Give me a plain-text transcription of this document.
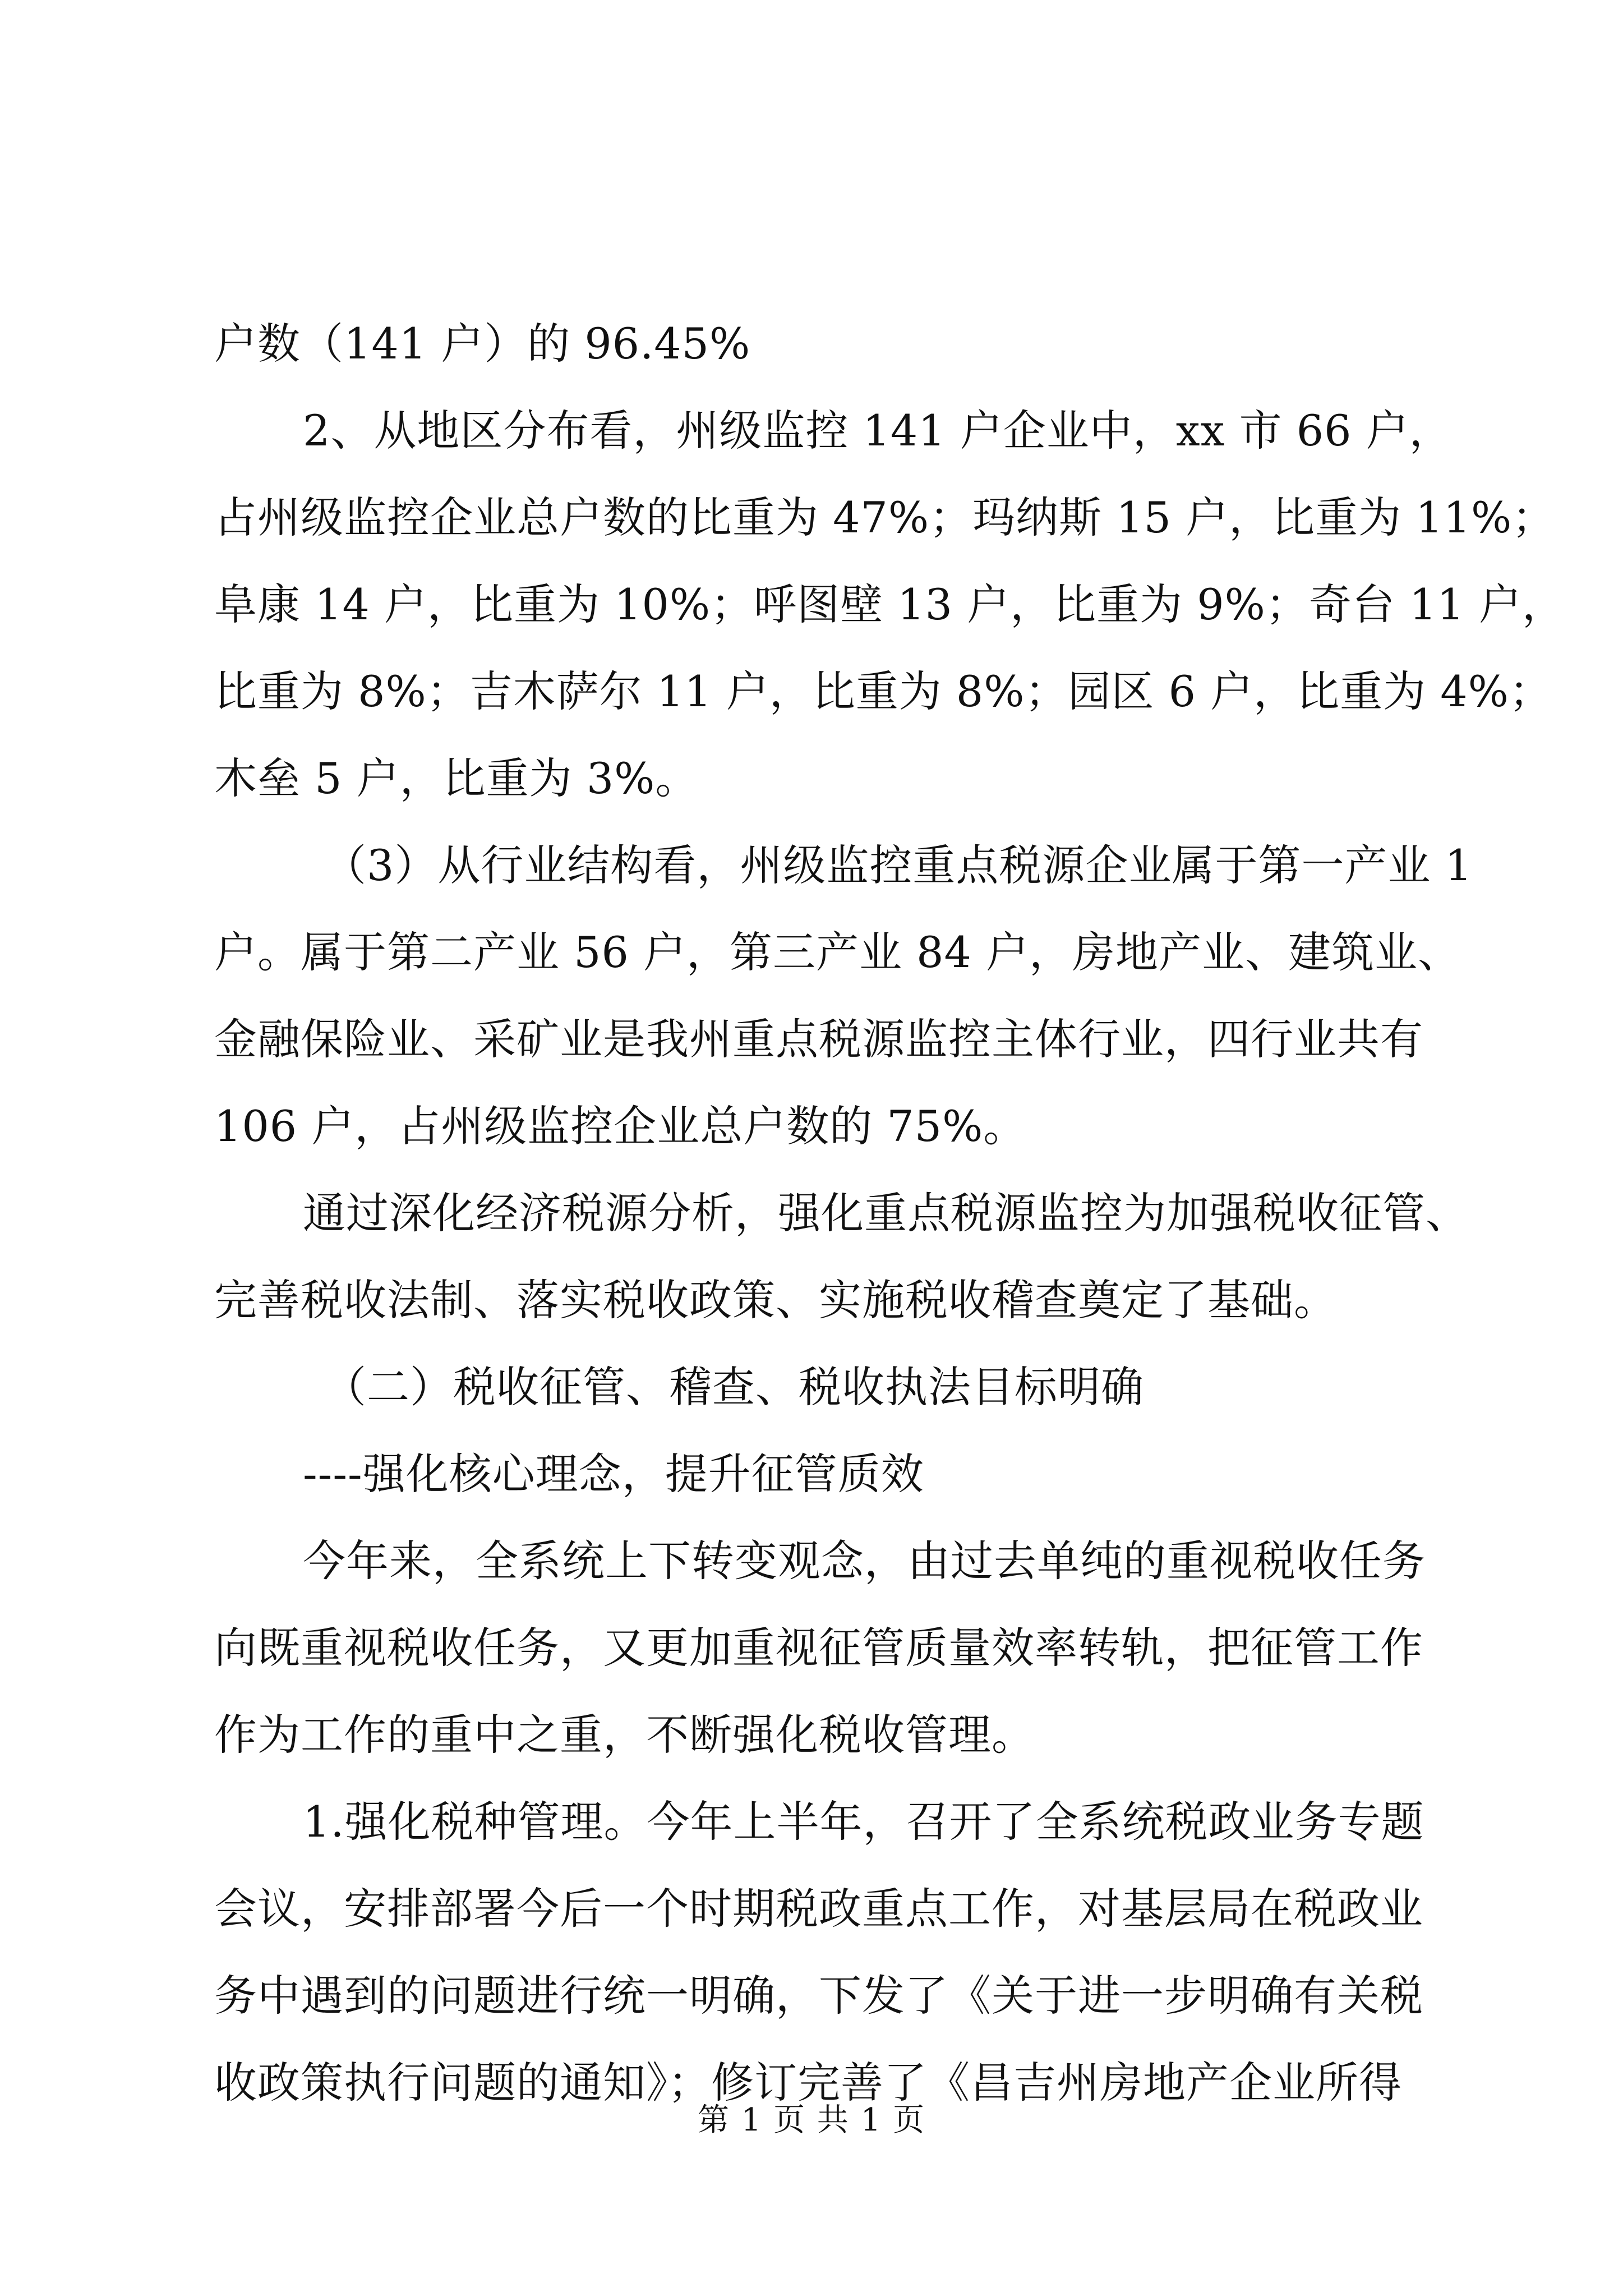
户数（141 户）的 96.45%
2、从地区分布看，州级监控 141 户企业中，xx 市 66 户，
占州级监控企业总户数的比重为 47%；玛纳斯 15 户，比重为 11%；
阜康 14 户，比重为 10%；呼图壁 13 户，比重为 9%；奇台 11 户，
比重为 8%；吉木萨尔 11 户，比重为 8%；园区 6 户，比重为 4%；
木垒 5 户，比重为 3%。
（3）从行业结构看，州级监控重点税源企业属于第一产业 1
户。属于第二产业 56 户，第三产业 84 户，房地产业、建筑业、
金融保险业、采矿业是我州重点税源监控主体行业，四行业共有
106 户，占州级监控企业总户数的 75%。
通过深化经济税源分析，强化重点税源监控为加强税收征管、
完善税收法制、落实税收政策、实施税收稽查奠定了基础。
（二）税收征管、稽查、税收执法目标明确
----强化核心理念，提升征管质效
今年来，全系统上下转变观念，由过去单纯的重视税收任务
向既重视税收任务，又更加重视征管质量效率转轨，把征管工作
作为工作的重中之重，不断强化税收管理。
1.强化税种管理。今年上半年，召开了全系统税政业务专题
会议，安排部署今后一个时期税政重点工作，对基层局在税政业
务中遇到的问题进行统一明确，下发了《关于进一步明确有关税
收政策执行问题的通知》；修订完善了《昌吉州房地产企业所得
第 1 页 共 1 页
